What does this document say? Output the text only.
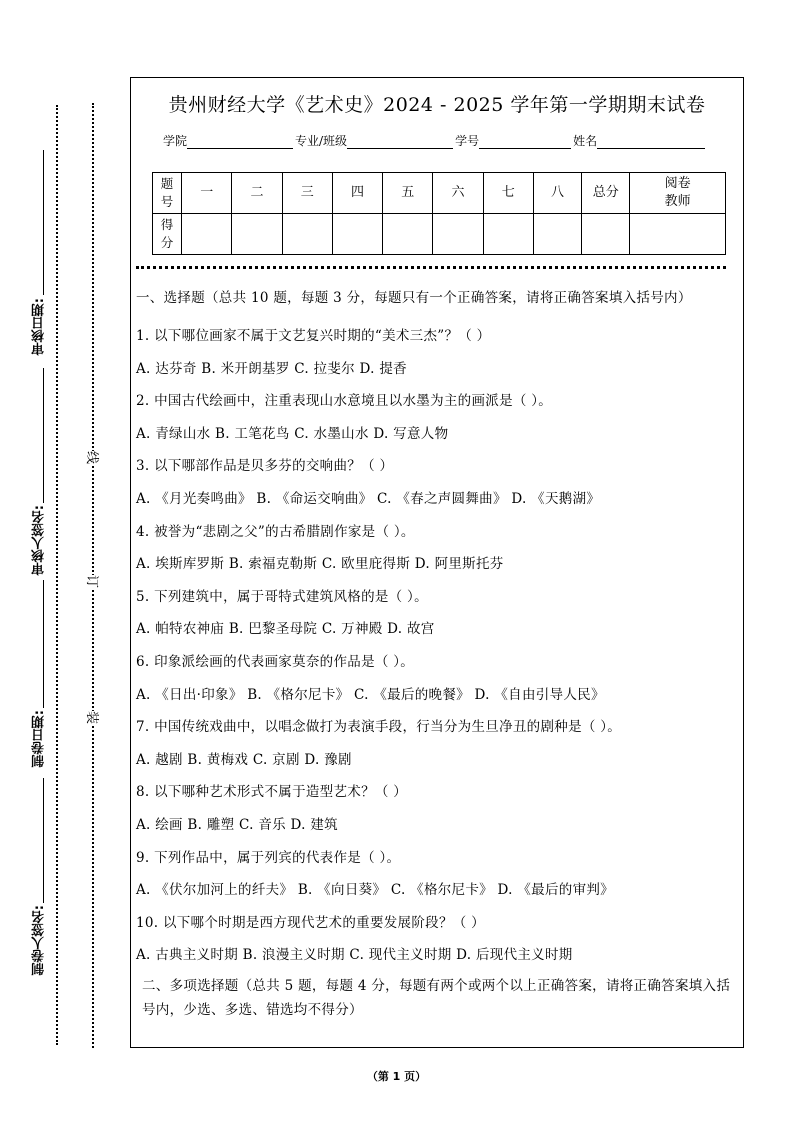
审核日期:
审核人签名:
制卷日期:
制卷人签名:
线
订
装
贵州财经大学《艺术史》2024 - 2025 学年第一学期期末试卷
学院	专业/班级	学号	姓名
题号	一	二	三	四	五	六	七	八	总分	阅卷教师
得分										
一、选择题（总共 10 题，每题 3 分，每题只有一个正确答案，请将正确答案填入括号内）
1. 以下哪位画家不属于文艺复兴时期的“美术三杰”？（ ）
A. 达芬奇 B. 米开朗基罗 C. 拉斐尔 D. 提香
2. 中国古代绘画中，注重表现山水意境且以水墨为主的画派是（ ）。
A. 青绿山水 B. 工笔花鸟 C. 水墨山水 D. 写意人物
3. 以下哪部作品是贝多芬的交响曲？（ ）
A. 《月光奏鸣曲》 B. 《命运交响曲》 C. 《春之声圆舞曲》 D. 《天鹅湖》
4. 被誉为“悲剧之父”的古希腊剧作家是（ ）。
A. 埃斯库罗斯 B. 索福克勒斯 C. 欧里庇得斯 D. 阿里斯托芬
5. 下列建筑中，属于哥特式建筑风格的是（ ）。
A. 帕特农神庙 B. 巴黎圣母院 C. 万神殿 D. 故宫
6. 印象派绘画的代表画家莫奈的作品是（ ）。
A. 《日出·印象》 B. 《格尔尼卡》 C. 《最后的晚餐》 D. 《自由引导人民》
7. 中国传统戏曲中，以唱念做打为表演手段，行当分为生旦净丑的剧种是（ ）。
A. 越剧 B. 黄梅戏 C. 京剧 D. 豫剧
8. 以下哪种艺术形式不属于造型艺术？（ ）
A. 绘画 B. 雕塑 C. 音乐 D. 建筑
9. 下列作品中，属于列宾的代表作是（ ）。
A. 《伏尔加河上的纤夫》 B. 《向日葵》 C. 《格尔尼卡》 D. 《最后的审判》
10. 以下哪个时期是西方现代艺术的重要发展阶段？（ ）
A. 古典主义时期 B. 浪漫主义时期 C. 现代主义时期 D. 后现代主义时期
二、多项选择题（总共 5 题，每题 4 分，每题有两个或两个以上正确答案，请将正确答案填入括号内，少选、多选、错选均不得分）
（第 1 页）
